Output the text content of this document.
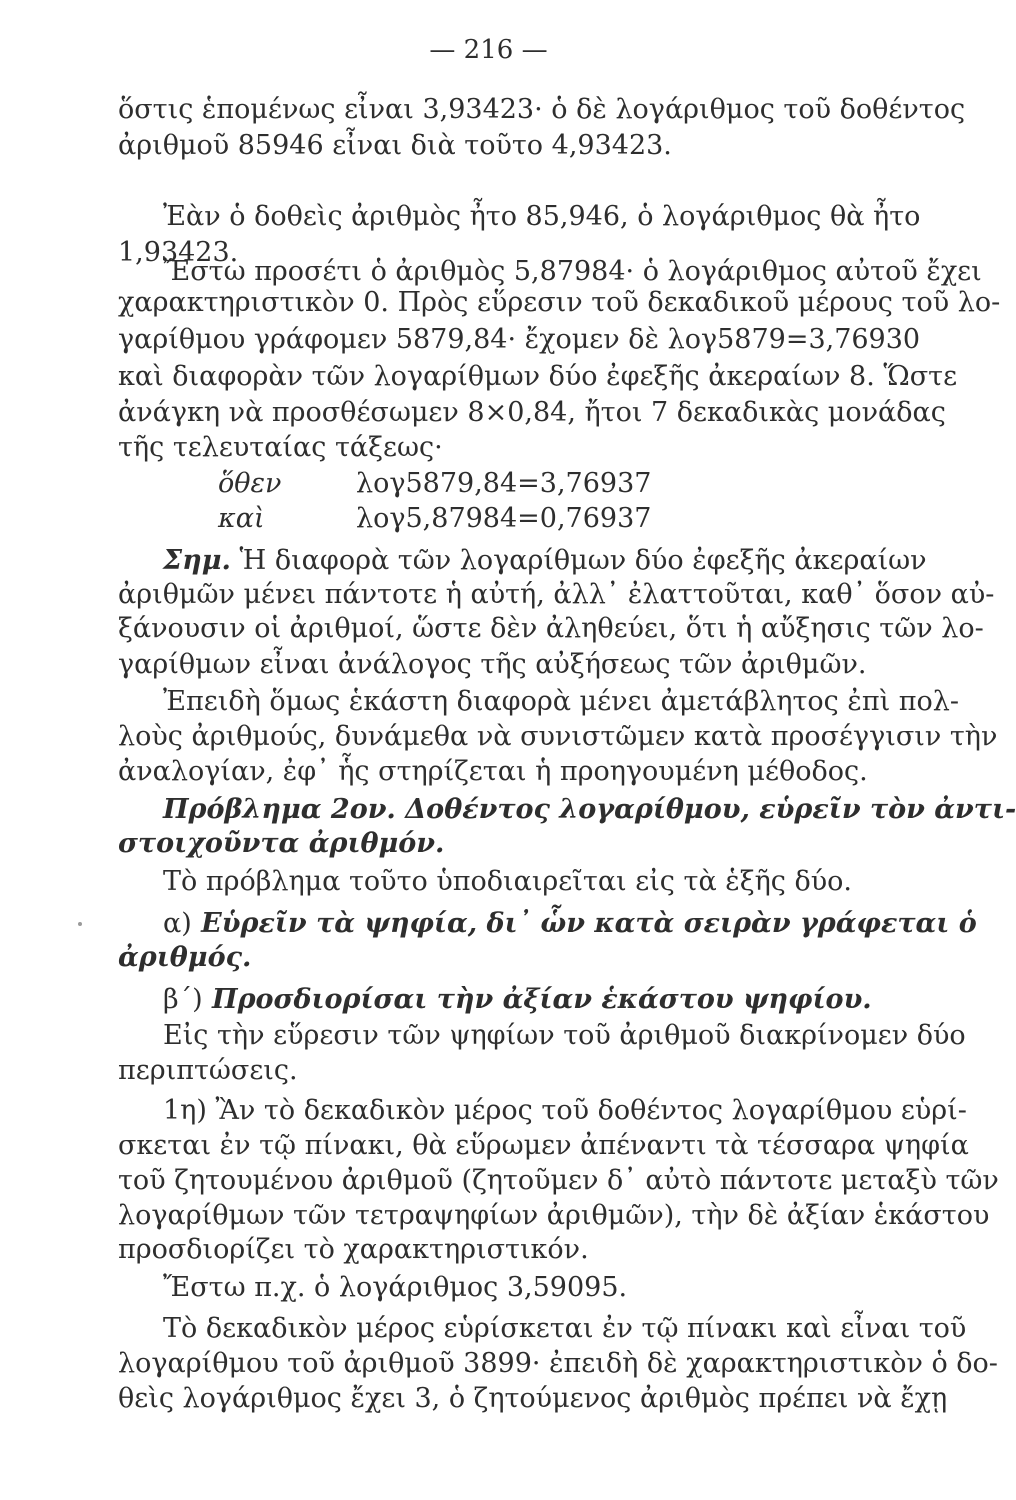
— 216 —

ὅστις ἑπομένως εἶναι 3,93423· ὁ δὲ λογάριθμος τοῦ δοθέντος

ἀριθμοῦ 85946 εἶναι διὰ τοῦτο 4,93423.

Ἐὰν ὁ δοθεὶς ἀριθμὸς ἦτο 85,946, ὁ λογάριθμος θὰ ἦτο

1,93423.

Ἔστω προσέτι ὁ ἀριθμὸς 5,87984· ὁ λογάριθμος αὐτοῦ ἔχει

χαρακτηριστικὸν 0. Πρὸς εὕρεσιν τοῦ δεκαδικοῦ μέρους τοῦ λο-

γαρίθμου γράφομεν 5879,84· ἔχομεν δὲ λογ5879=3,76930

καὶ διαφορὰν τῶν λογαρίθμων δύο ἐφεξῆς ἀκεραίων 8. Ὥστε

ἀνάγκη νὰ προσθέσωμεν 8×0,84, ἤτοι 7 δεκαδικὰς μονάδας

τῆς τελευταίας τάξεως·

ὅθεν	λογ5879,84=3,76937

καὶ	λογ5,87984=0,76937

Σημ. Ἡ διαφορὰ τῶν λογαρίθμων δύο ἐφεξῆς ἀκεραίων

ἀριθμῶν μένει πάντοτε ἡ αὐτή, ἀλλ᾽ ἐλαττοῦται, καθ᾽ ὅσον αὐ-

ξάνουσιν οἱ ἀριθμοί, ὥστε δὲν ἀληθεύει, ὅτι ἡ αὔξησις τῶν λο-

γαρίθμων εἶναι ἀνάλογος τῆς αὐξήσεως τῶν ἀριθμῶν.

Ἐπειδὴ ὅμως ἑκάστη διαφορὰ μένει ἀμετάβλητος ἐπὶ πολ-

λοὺς ἀριθμούς, δυνάμεθα νὰ συνιστῶμεν κατὰ προσέγγισιν τὴν

ἀναλογίαν, ἐφ᾽ ἧς στηρίζεται ἡ προηγουμένη μέθοδος.

Πρόβλημα 2ον. Δοθέντος λογαρίθμου, εὑρεῖν τὸν ἀντι-

στοιχοῦντα ἀριθμόν.

Τὸ πρόβλημα τοῦτο ὑποδιαιρεῖται εἰς τὰ ἑξῆς δύο.

α) Εὑρεῖν τὰ ψηφία, δι᾽ ὧν κατὰ σειρὰν γράφεται ὁ

ἀριθμός.

β΄) Προσδιορίσαι τὴν ἀξίαν ἑκάστου ψηφίου.

Εἰς τὴν εὕρεσιν τῶν ψηφίων τοῦ ἀριθμοῦ διακρίνομεν δύο

περιπτώσεις.

1η) Ἂν τὸ δεκαδικὸν μέρος τοῦ δοθέντος λογαρίθμου εὑρί-

σκεται ἐν τῷ πίνακι, θὰ εὕρωμεν ἀπέναντι τὰ τέσσαρα ψηφία

τοῦ ζητουμένου ἀριθμοῦ (ζητοῦμεν δ᾽ αὐτὸ πάντοτε μεταξὺ τῶν

λογαρίθμων τῶν τετραψηφίων ἀριθμῶν), τὴν δὲ ἀξίαν ἑκάστου

προσδιορίζει τὸ χαρακτηριστικόν.

Ἔστω π.χ. ὁ λογάριθμος 3,59095.

Τὸ δεκαδικὸν μέρος εὑρίσκεται ἐν τῷ πίνακι καὶ εἶναι τοῦ

λογαρίθμου τοῦ ἀριθμοῦ 3899· ἐπειδὴ δὲ χαρακτηριστικὸν ὁ δο-

θεὶς λογάριθμος ἔχει 3, ὁ ζητούμενος ἀριθμὸς πρέπει νὰ ἔχῃ
